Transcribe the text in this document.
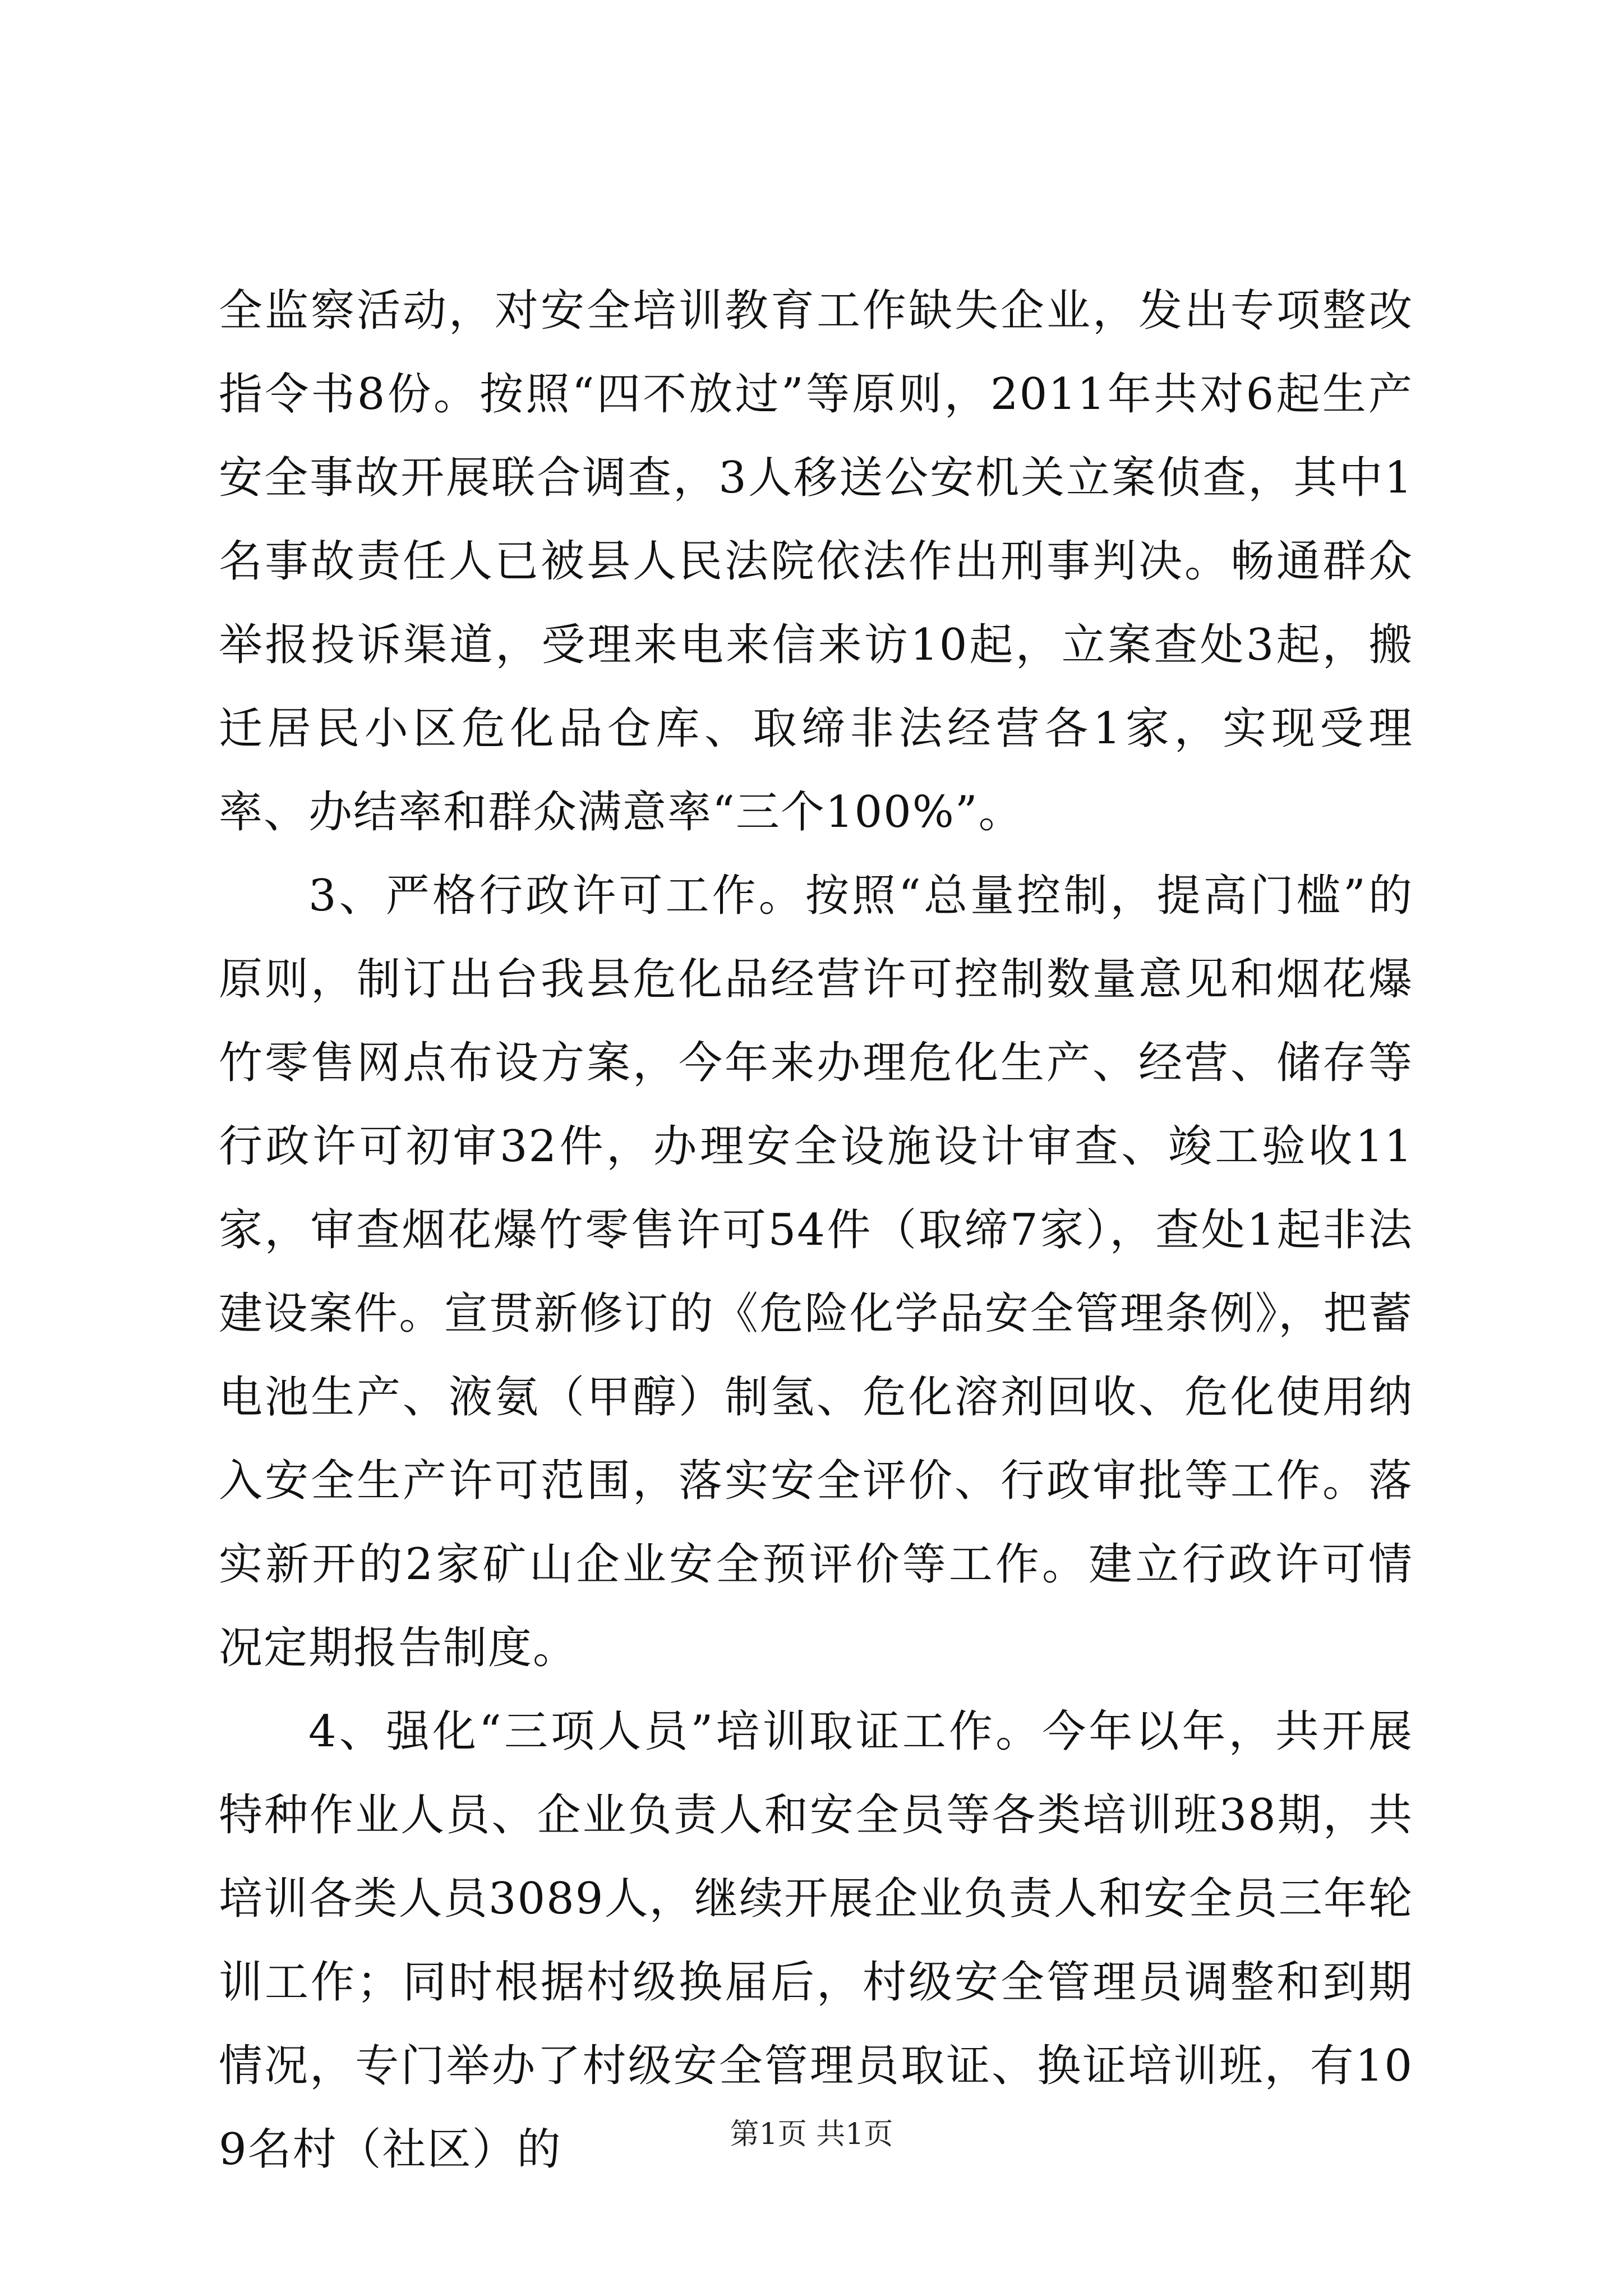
全监察活动，对安全培训教育工作缺失企业，发出专项整改指令书8份。按照“四不放过”等原则，2011年共对6起生产安全事故开展联合调查，3人移送公安机关立案侦查，其中1名事故责任人已被县人民法院依法作出刑事判决。畅通群众举报投诉渠道，受理来电来信来访10起，立案查处3起，搬迁居民小区危化品仓库、取缔非法经营各1家，实现受理率、办结率和群众满意率“三个100%”。

3、严格行政许可工作。按照“总量控制，提高门槛”的原则，制订出台我县危化品经营许可控制数量意见和烟花爆竹零售网点布设方案，今年来办理危化生产、经营、储存等行政许可初审32件，办理安全设施设计审查、竣工验收11家，审查烟花爆竹零售许可54件（取缔7家），查处1起非法建设案件。宣贯新修订的《危险化学品安全管理条例》，把蓄电池生产、液氨（甲醇）制氢、危化溶剂回收、危化使用纳入安全生产许可范围，落实安全评价、行政审批等工作。落实新开的2家矿山企业安全预评价等工作。建立行政许可情况定期报告制度。

4、强化“三项人员”培训取证工作。今年以年，共开展特种作业人员、企业负责人和安全员等各类培训班38期，共培训各类人员3089人，继续开展企业负责人和安全员三年轮训工作；同时根据村级换届后，村级安全管理员调整和到期情况，专门举办了村级安全管理员取证、换证培训班，有109名村（社区）的	第1页 共1页
